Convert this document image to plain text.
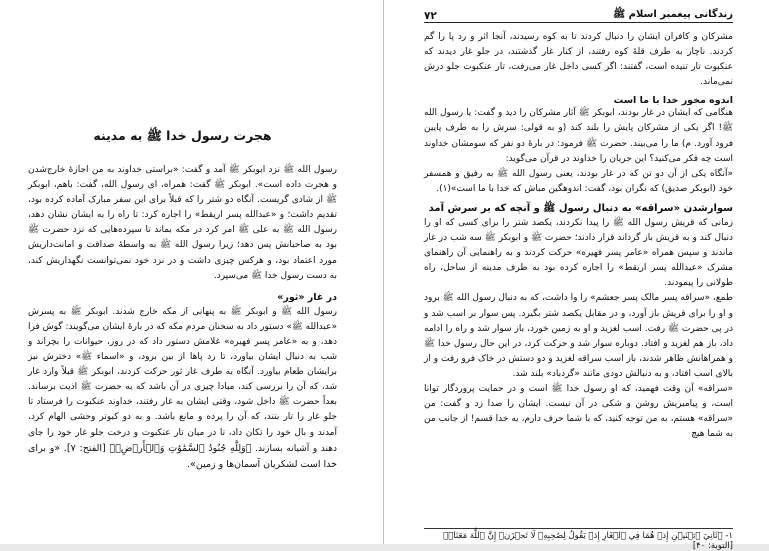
هجرت رسول خدا ﷺ به مدینه

رسول الله ﷺ نزد ابوبکر ﷺ آمد و گفت: «براستی خداوند به من اجازهٔ خارج‌شدن و هجرت داده است». ابوبکر ﷺ گفت: همراه، ای رسول الله، گفت: باهم، ابوبکر ﷺ از شادی گریست. آنگاه دو شتر را که قبلاً برای این سفر مبارک آماده کرده بود، تقدیم داشت؛ و «عبدالله پسر اریقط» را اجاره کرد: تا راه را به ایشان نشان دهد، رسول الله ﷺ به علی ﷺ امر کرد در مکه بماند تا سپرده‌هایی که نزد حضرت ﷺ بود به صاحبانش پس دهد؛ زیرا رسول الله ﷺ به واسطهٔ صداقت و امانت‌داریش مورد اعتماد بود، و هرکس چیزی داشت و در نزد خود نمی‌توانست نگهداریش کند، به دست رسول خدا ﷺ می‌سپرد.

در غار «ثور»

رسول الله ﷺ و ابوبکر ﷺ به پنهانی از مکه خارج شدند. ابوبکر ﷺ به پسرش «عبدالله ﷺ» دستور داد به سخنان مردم مکه که در بارهٔ ایشان می‌گویند: گوش فرا دهد، و به «عامر پسر فهیره» غلامش دستور داد که در روز، حیوانات را بچراند و شب به دنبال ایشان بیاورد، تا رد پاها از بین برود، و «اسماء ﷺ» دخترش نیز برایشان طعام بیاورد. آنگاه به طرف غار ثور حرکت کردند، ابوبکر ﷺ قبلاً وارد غار شد، که آن را بررسی کند، مبادا چیزی در آن باشد که به حضرت ﷺ اذیت برساند. بعداً حضرت ﷺ داخل شود، وقتی ایشان به غار رفتند، خداوند عنکبوت را فرستاد تا جلو غار را تار بتند، که آن را پرده و مانع باشد. و به دو کبوتر وحشی الهام کرد، آمدند و بال خود را تکان داد، تا در میان تار عنکبوت و درخت جلو غار خود را جای دهند و آشیانه بسازند. ﴿وَلِلَّهِ جُنُودُ ٱلسَّمَٰوَٰتِ وَٱلۡأَرۡضِۚ﴾ [الفتح: ۷]. «و برای خدا است لشکریان آسمان‌ها و زمین».

زندگانی پیغمبر اسلام ﷺ
۷۲

مشرکان و کافران ایشان را دنبال کردند تا به کوه رسیدند، آنجا اثر و رد پا را گم کردند. ناچار به طرف قلهٔ کوه رفتند، از کنار غار گذشتند، در جلو غار دیدند که عنکبوت تار تنیده است، گفتند: اگر کسی داخل غار می‌رفت، تار عنکبوت جلو درش نمی‌ماند.

اندوه مخور خدا با ما است

هنگامی که ایشان در غار بودند، ابوبکر ﷺ آثار مشرکان را دید و گفت: یا رسول الله ﷺ! اگر یکی از مشرکان پایش را بلند کند (و به قولی: سرش را به طرف پایین فرود آورد. م) ما را می‌بیند. حضرت ﷺ فرمود: در بارهٔ دو نفر که سومشان خداوند است چه فکر می‌کنید؟ این جریان را خداوند در قرآن می‌گوید:

«آنگاه یکی از آن دو تن که در غار بودند، یعنی رسول الله ﷺ به رفیق و همسفر خود (ابوبکر صدیق) که نگران بود، گفت: اندوهگین مباش که خدا با ما است»(۱).

سوارشدن «سراقه» به دنبال رسول ﷺ و آنچه که بر سرش آمد

زمانی که قریش رسول الله ﷺ را پیدا نکردند، یکصد شتر را برای کسی که او را دنبال کند و به قریش باز گرداند قرار دادند؛ حضرت ﷺ و ابوبکر ﷺ سه شب در غار ماندند و سپس همراه «عامر پسر فهیره» حرکت کردند و به راهنمایی آن راهنمای مشرک «عبدالله پسر اریقط» را اجاره کرده بود به طرف مدینه از ساحل، راه طولانی را پیمودند.

طمع، «سراقه پسر مالک پسر جعشم» را وا داشت، که به دنبال رسول الله ﷺ برود و او را برای قریش باز آورد، و در مقابل یکصد شتر بگیرد. پس سوار بر اسب شد و در پی حضرت ﷺ رفت. اسب لغزید و او به زمین خورد، باز سوار شد و راه را ادامه داد، باز هم لغزید و افتاد. دوباره سوار شد و حرکت کرد، در این حال رسول خدا ﷺ و همراهانش ظاهر شدند، باز اسب سراقه لغزید و دو دستش در خاک فرو رفت و از بالای اسب افتاد، و به دنبالش دودی مانند «گردباد» بلند شد.

«سراقه» آن وقت فهمید، که او رسول خدا ﷺ است و در حمایت پروردگار توانا است، و پیامبریش روشن و شکی در آن نیست. ایشان را صدا زد و گفت: من «سراقه» هستم، به من توجه کنید، که با شما حرف دارم، به خدا قسم! از جانب من به شما هیچ

۱- ﴿ثَانِيَ ٱثۡنَيۡنِ إِذۡ هُمَا فِي ٱلۡغَارِ إِذۡ يَقُولُ لِصَٰحِبِهِۦ لَا تَحۡزَنۡ إِنَّ ٱللَّهَ مَعَنَاۖ﴾ [التوبة: ۴۰]
